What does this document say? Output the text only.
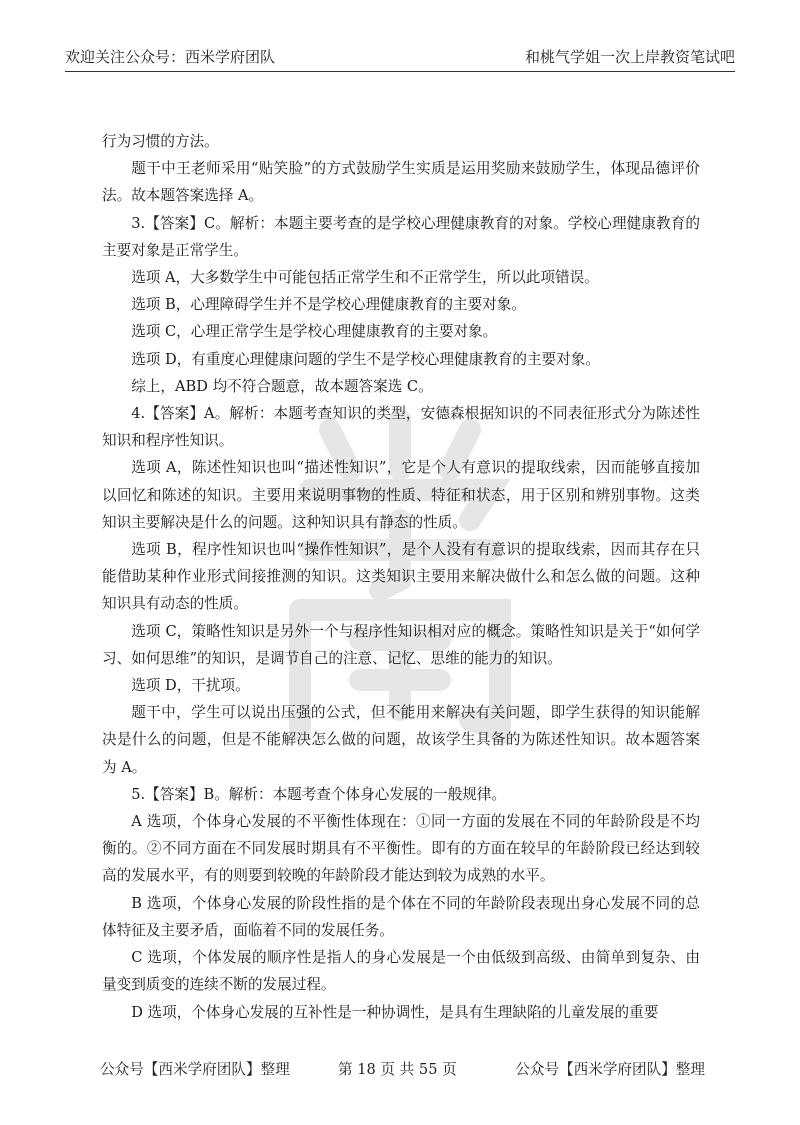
欢迎关注公众号：西米学府团队	和桃气学姐一次上岸教资笔试吧

行为习惯的方法。

题干中王老师采用“贴笑脸”的方式鼓励学生实质是运用奖励来鼓励学生，体现品德评价法。故本题答案选择 A。

3.【答案】C。解析：本题主要考查的是学校心理健康教育的对象。学校心理健康教育的主要对象是正常学生。

选项 A，大多数学生中可能包括正常学生和不正常学生，所以此项错误。

选项 B，心理障碍学生并不是学校心理健康教育的主要对象。

选项 C，心理正常学生是学校心理健康教育的主要对象。

选项 D，有重度心理健康问题的学生不是学校心理健康教育的主要对象。

综上，ABD 均不符合题意，故本题答案选 C。

4.【答案】A。解析：本题考查知识的类型，安德森根据知识的不同表征形式分为陈述性知识和程序性知识。

选项 A，陈述性知识也叫“描述性知识”，它是个人有意识的提取线索，因而能够直接加以回忆和陈述的知识。主要用来说明事物的性质、特征和状态，用于区别和辨别事物。这类知识主要解决是什么的问题。这种知识具有静态的性质。

选项 B，程序性知识也叫“操作性知识”，是个人没有有意识的提取线索，因而其存在只能借助某种作业形式间接推测的知识。这类知识主要用来解决做什么和怎么做的问题。这种知识具有动态的性质。

选项 C，策略性知识是另外一个与程序性知识相对应的概念。策略性知识是关于“如何学习、如何思维”的知识，是调节自己的注意、记忆、思维的能力的知识。

选项 D，干扰项。

题干中，学生可以说出压强的公式，但不能用来解决有关问题，即学生获得的知识能解决是什么的问题，但是不能解决怎么做的问题，故该学生具备的为陈述性知识。故本题答案为 A。

5.【答案】B。解析：本题考查个体身心发展的一般规律。

A 选项，个体身心发展的不平衡性体现在：①同一方面的发展在不同的年龄阶段是不均衡的。②不同方面在不同发展时期具有不平衡性。即有的方面在较早的年龄阶段已经达到较高的发展水平，有的则要到较晚的年龄阶段才能达到较为成熟的水平。

B 选项，个体身心发展的阶段性指的是个体在不同的年龄阶段表现出身心发展不同的总体特征及主要矛盾，面临着不同的发展任务。

C 选项，个体发展的顺序性是指人的身心发展是一个由低级到高级、由简单到复杂、由量变到质变的连续不断的发展过程。

D 选项，个体身心发展的互补性是一种协调性，是具有生理缺陷的儿童发展的重要

公众号【西米学府团队】整理	第 18 页 共 55 页	公众号【西米学府团队】整理
